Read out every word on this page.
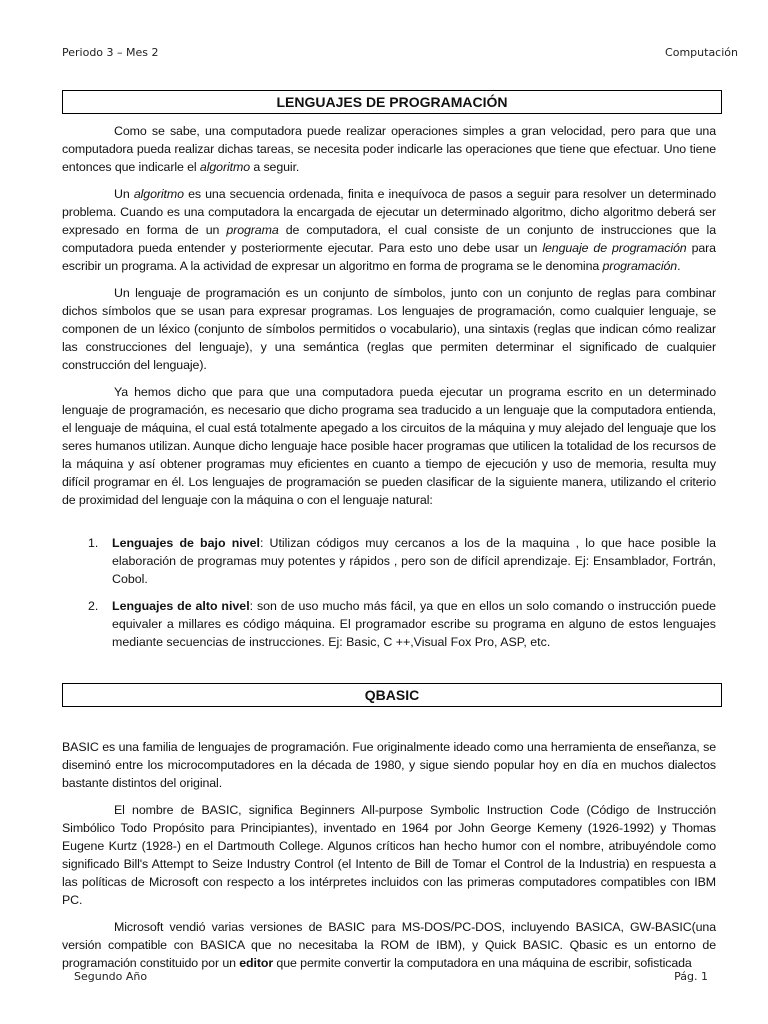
Periodo 3 – Mes 2	Computación
LENGUAJES DE PROGRAMACIÓN

Como se sabe, una computadora puede realizar operaciones simples a gran velocidad, pero para que una computadora pueda realizar dichas tareas, se necesita poder indicarle las operaciones que tiene que efectuar. Uno tiene entonces que indicarle el algoritmo a seguir.

Un algoritmo es una secuencia ordenada, finita e inequívoca de pasos a seguir para resolver un determinado problema. Cuando es una computadora la encargada de ejecutar un determinado algoritmo, dicho algoritmo deberá ser expresado en forma de un programa de computadora, el cual consiste de un conjunto de instrucciones que la computadora pueda entender y posteriormente ejecutar. Para esto uno debe usar un lenguaje de programación para escribir un programa. A la actividad de expresar un algoritmo en forma de programa se le denomina programación.

Un lenguaje de programación es un conjunto de símbolos, junto con un conjunto de reglas para combinar dichos símbolos que se usan para expresar programas. Los lenguajes de programación, como cualquier lenguaje, se componen de un léxico (conjunto de símbolos permitidos o vocabulario), una sintaxis (reglas que indican cómo realizar las construcciones del lenguaje), y una semántica (reglas que permiten determinar el significado de cualquier construcción del lenguaje).

Ya hemos dicho que para que una computadora pueda ejecutar un programa escrito en un determinado lenguaje de programación, es necesario que dicho programa sea traducido a un lenguaje que la computadora entienda, el lenguaje de máquina, el cual está totalmente apegado a los circuitos de la máquina y muy alejado del lenguaje que los seres humanos utilizan. Aunque dicho lenguaje hace posible hacer programas que utilicen la totalidad de los recursos de la máquina y así obtener programas muy eficientes en cuanto a tiempo de ejecución y uso de memoria, resulta muy difícil programar en él. Los lenguajes de programación se pueden clasificar de la siguiente manera, utilizando el criterio de proximidad del lenguaje con la máquina o con el lenguaje natural:

1. Lenguajes de bajo nivel: Utilizan códigos muy cercanos a los de la maquina , lo que hace posible la elaboración de programas muy potentes y rápidos , pero son de difícil aprendizaje. Ej: Ensamblador, Fortrán, Cobol.
2. Lenguajes de alto nivel: son de uso mucho más fácil, ya que en ellos un solo comando o instrucción puede equivaler a millares es código máquina. El programador escribe su programa en alguno de estos lenguajes mediante secuencias de instrucciones. Ej: Basic, C ++,Visual Fox Pro, ASP, etc.
QBASIC

BASIC es una familia de lenguajes de programación. Fue originalmente ideado como una herramienta de enseñanza, se diseminó entre los microcomputadores en la década de 1980, y sigue siendo popular hoy en día en muchos dialectos bastante distintos del original.

El nombre de BASIC, significa Beginners All-purpose Symbolic Instruction Code (Código de Instrucción Simbólico Todo Propósito para Principiantes), inventado en 1964 por John George Kemeny (1926-1992) y Thomas Eugene Kurtz (1928-) en el Dartmouth College. Algunos críticos han hecho humor con el nombre, atribuyéndole como significado Bill's Attempt to Seize Industry Control (el Intento de Bill de Tomar el Control de la Industria) en respuesta a las políticas de Microsoft con respecto a los intérpretes incluidos con las primeras computadores compatibles con IBM PC.

Microsoft vendió varias versiones de BASIC para MS-DOS/PC-DOS, incluyendo BASICA, GW-BASIC(una versión compatible con BASICA que no necesitaba la ROM de IBM), y Quick BASIC. Qbasic es un entorno de programación constituido por un editor que permite convertir la computadora en una máquina de escribir, sofisticada

Segundo Año	Pág. 1
